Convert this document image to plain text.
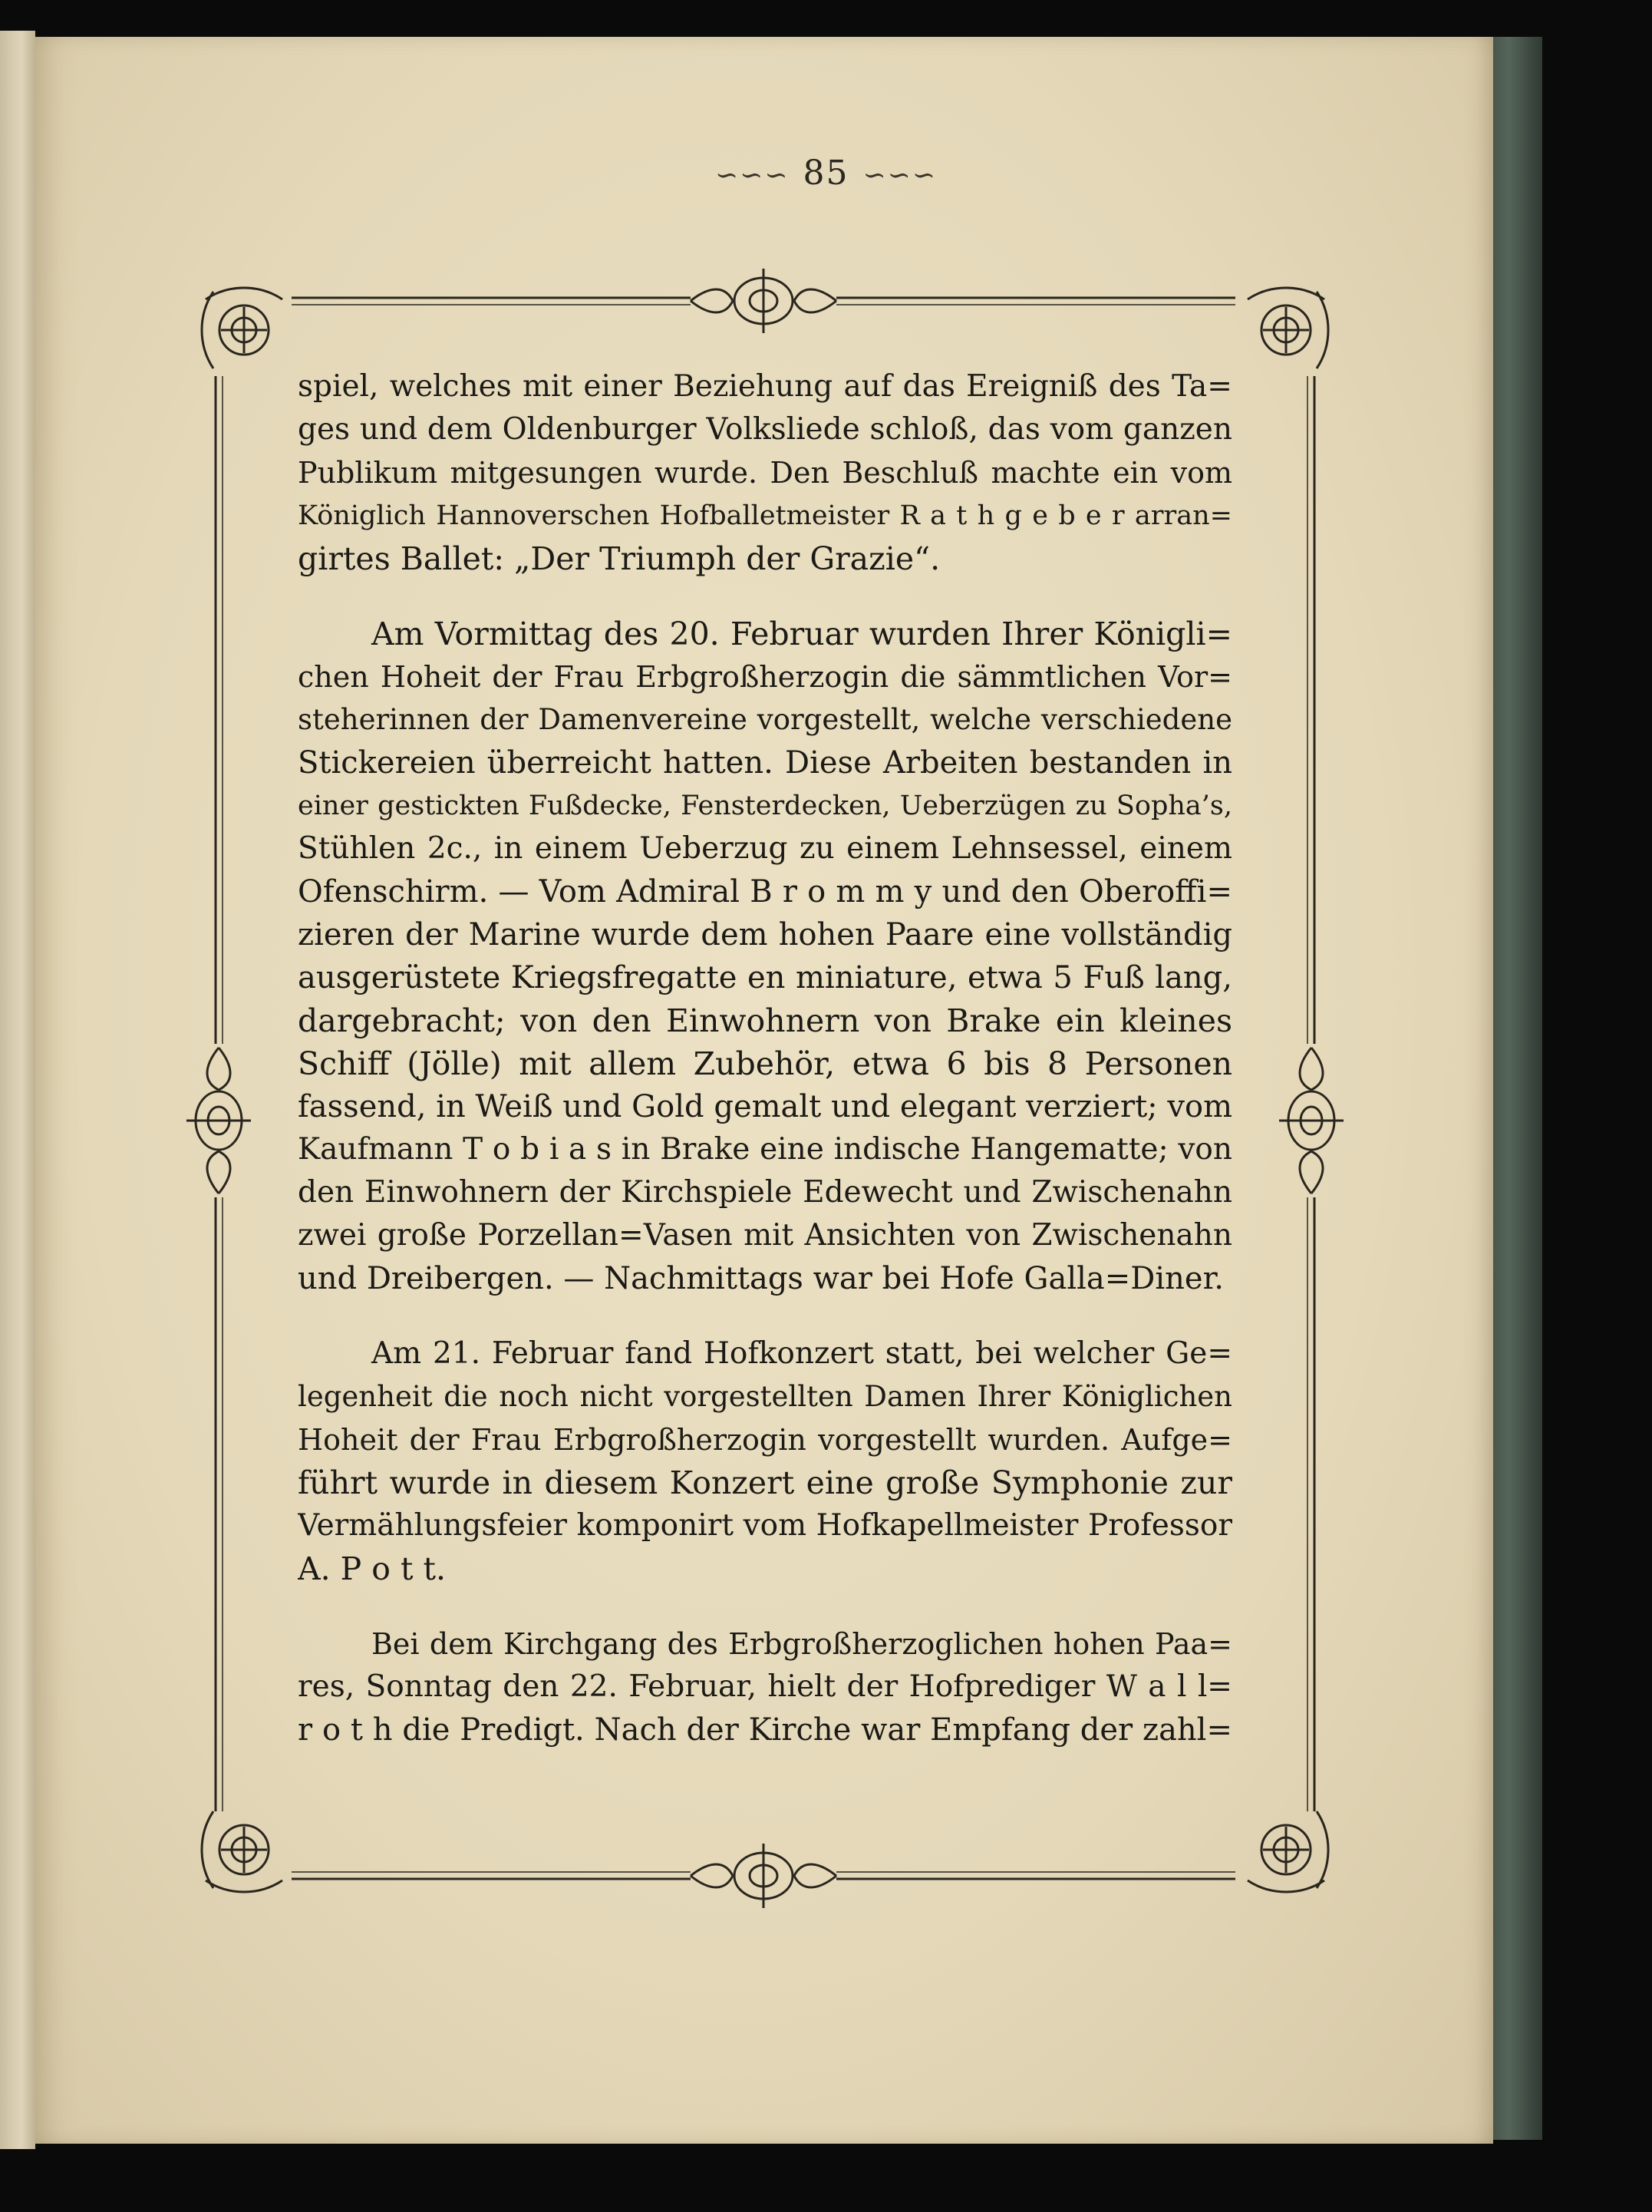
∽∽∽ 85 ∽∽∽
spiel, welches mit einer Beziehung auf das Ereigniß des Ta=
ges und dem Oldenburger Volksliede schloß, das vom ganzen
Publikum mitgesungen wurde. Den Beschluß machte ein vom
Königlich Hannoverschen Hofballetmeister R a t h g e b e r arran=
girtes Ballet: „Der Triumph der Grazie“.
Am Vormittag des 20. Februar wurden Ihrer Königli=
chen Hoheit der Frau Erbgroßherzogin die sämmtlichen Vor=
steherinnen der Damenvereine vorgestellt, welche verschiedene
Stickereien überreicht hatten. Diese Arbeiten bestanden in
einer gestickten Fußdecke, Fensterdecken, Ueberzügen zu Sopha’s,
Stühlen 2c., in einem Ueberzug zu einem Lehnsessel, einem
Ofenschirm. — Vom Admiral B r o m m y und den Oberoffi=
zieren der Marine wurde dem hohen Paare eine vollständig
ausgerüstete Kriegsfregatte en miniature, etwa 5 Fuß lang,
dargebracht; von den Einwohnern von Brake ein kleines
Schiff (Jölle) mit allem Zubehör, etwa 6 bis 8 Personen
fassend, in Weiß und Gold gemalt und elegant verziert; vom
Kaufmann T o b i a s in Brake eine indische Hangematte; von
den Einwohnern der Kirchspiele Edewecht und Zwischenahn
zwei große Porzellan=Vasen mit Ansichten von Zwischenahn
und Dreibergen. — Nachmittags war bei Hofe Galla=Diner.
Am 21. Februar fand Hofkonzert statt, bei welcher Ge=
legenheit die noch nicht vorgestellten Damen Ihrer Königlichen
Hoheit der Frau Erbgroßherzogin vorgestellt wurden. Aufge=
führt wurde in diesem Konzert eine große Symphonie zur
Vermählungsfeier komponirt vom Hofkapellmeister Professor
A. P o t t.
Bei dem Kirchgang des Erbgroßherzoglichen hohen Paa=
res, Sonntag den 22. Februar, hielt der Hofprediger W a l l=
r o t h die Predigt. Nach der Kirche war Empfang der zahl=
